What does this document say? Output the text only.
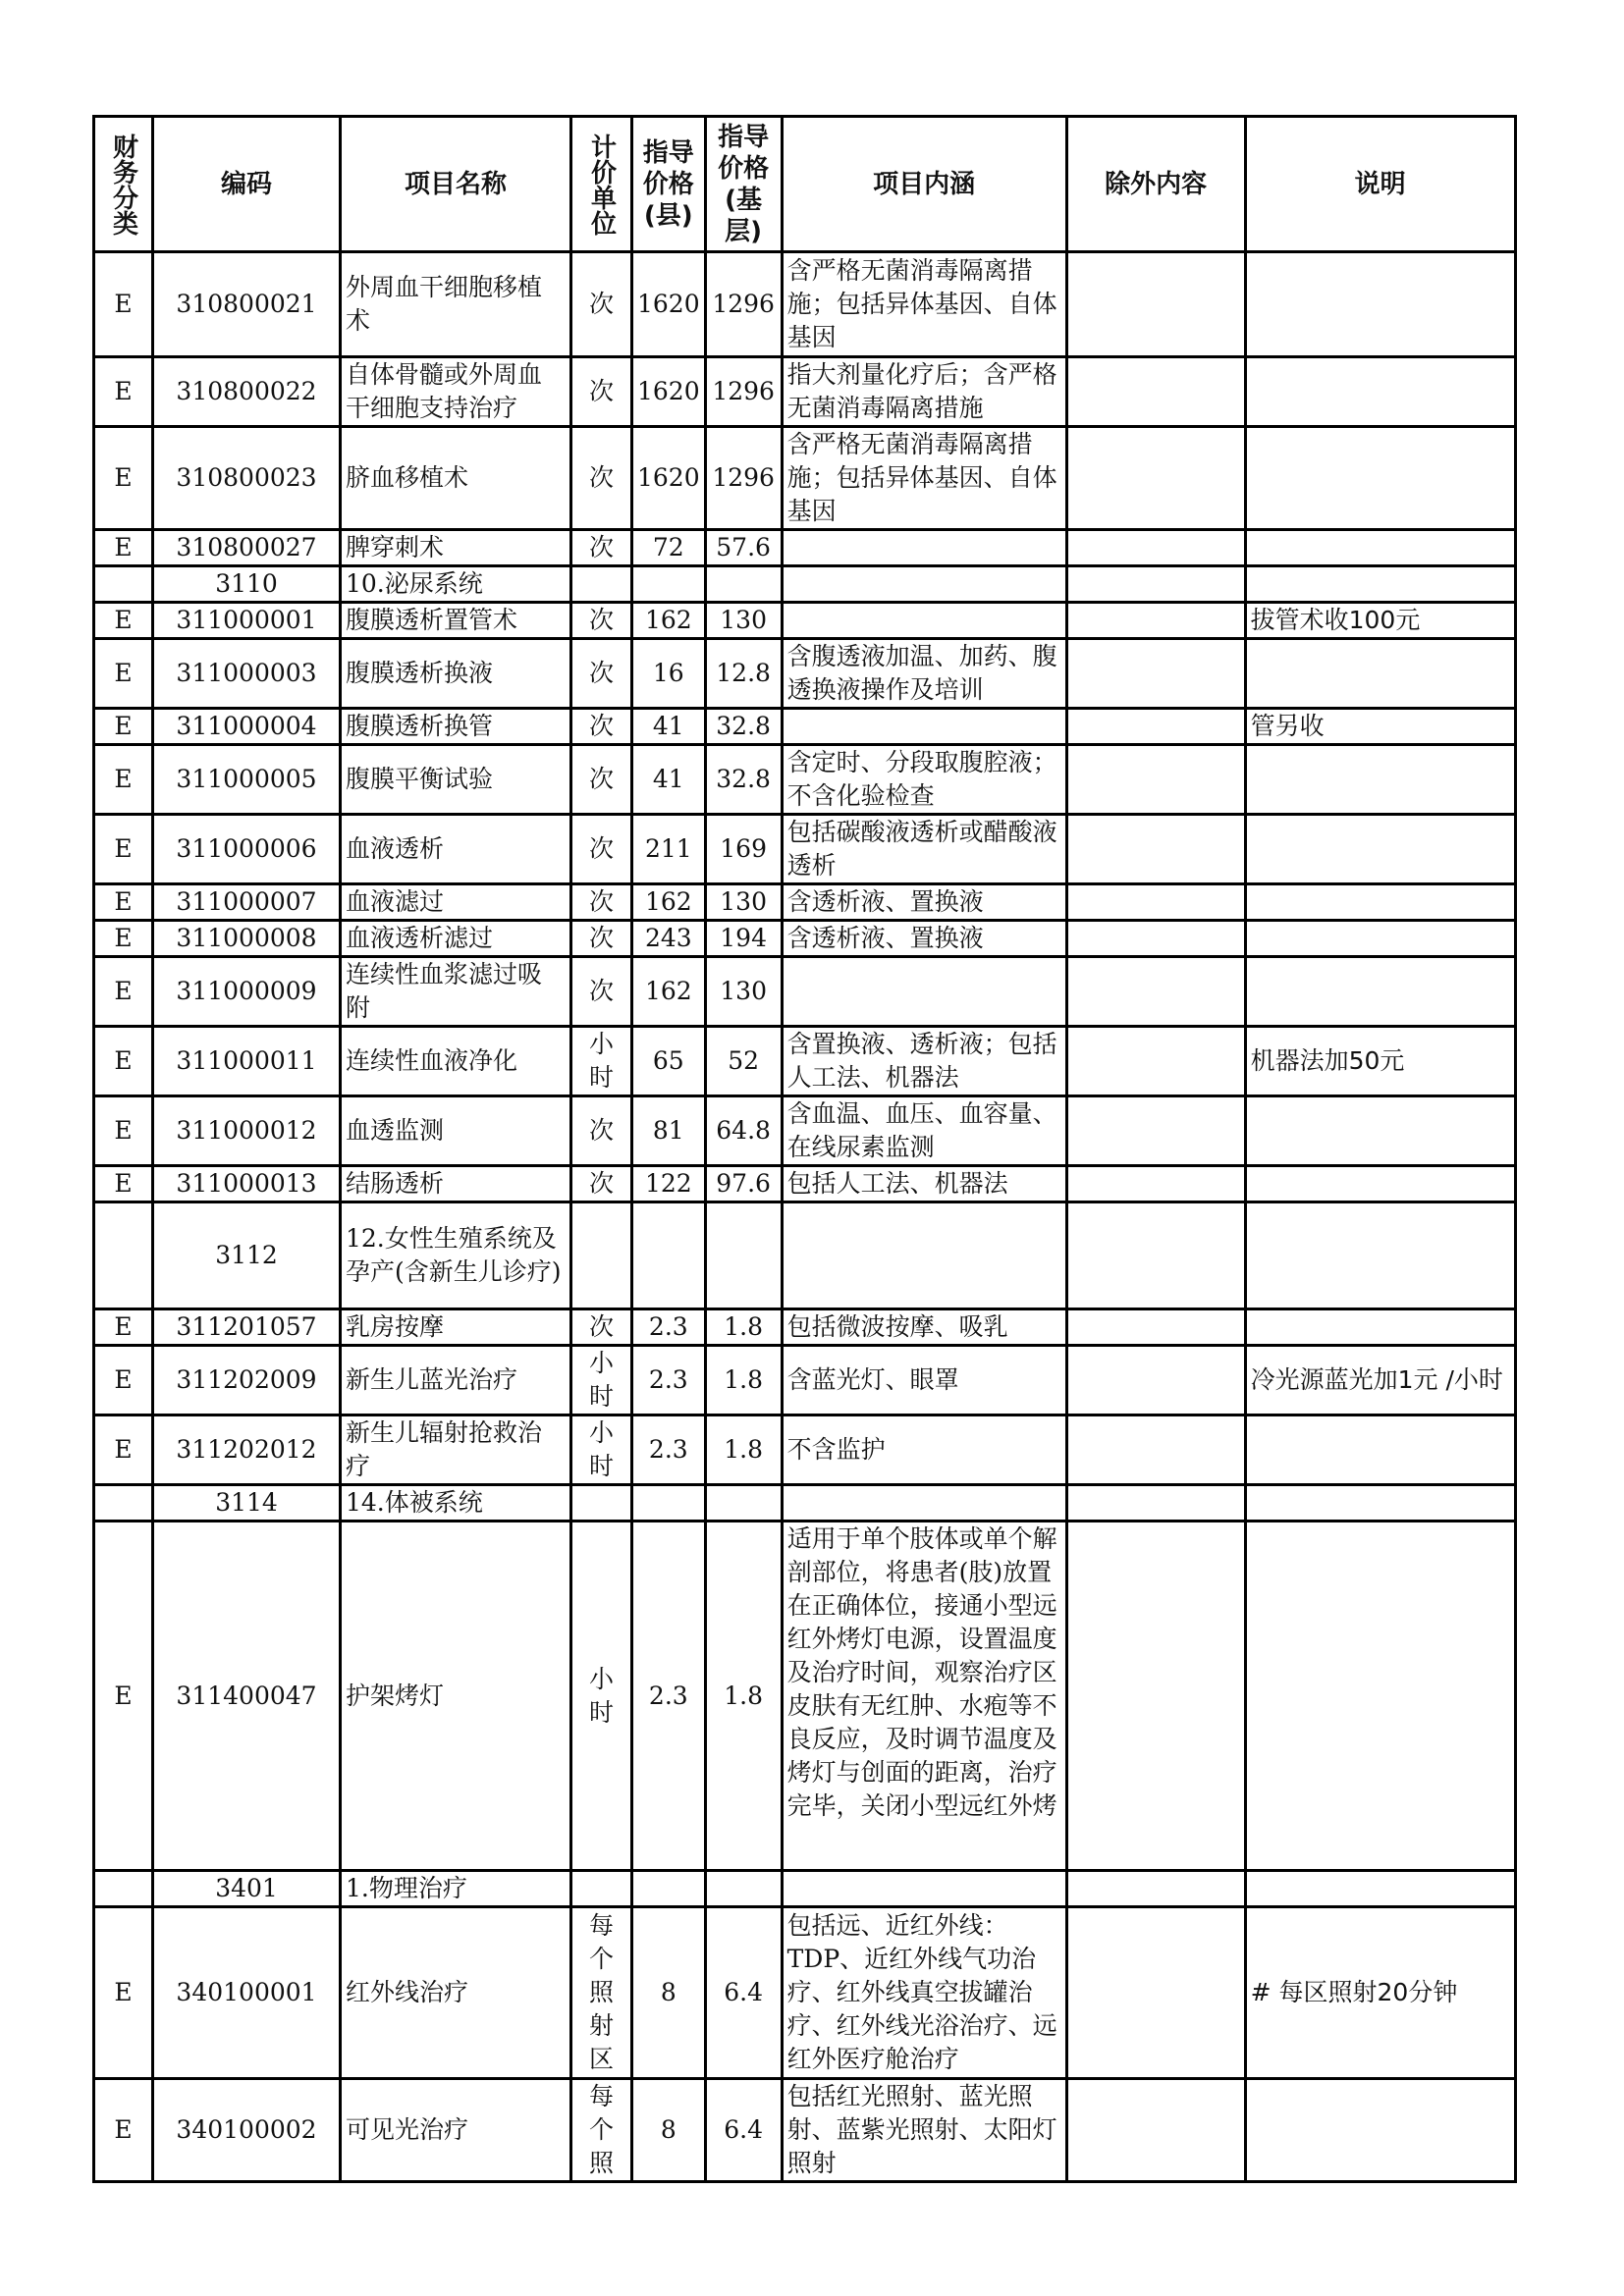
财务分类	编码	项目名称	计价单位	指导价格(县)	指导价格(基层)	项目内涵	除外内容	说明
E	310800021	外周血干细胞移植术	次	1620	1296	含严格无菌消毒隔离措施；包括异体基因、自体基因		
E	310800022	自体骨髓或外周血干细胞支持治疗	次	1620	1296	指大剂量化疗后；含严格无菌消毒隔离措施		
E	310800023	脐血移植术	次	1620	1296	含严格无菌消毒隔离措施；包括异体基因、自体基因		
E	310800027	脾穿刺术	次	72	57.6			
	3110	10.泌尿系统	

E	311000001	腹膜透析置管术	次	162	130			拔管术收100元
E	311000003	腹膜透析换液	次	16	12.8	含腹透液加温、加药、腹透换液操作及培训		
E	311000004	腹膜透析换管	次	41	32.8			管另收
E	311000005	腹膜平衡试验	次	41	32.8	含定时、分段取腹腔液；不含化验检查		
E	311000006	血液透析	次	211	169	包括碳酸液透析或醋酸液透析		
E	311000007	血液滤过	次	162	130	含透析液、置换液		
E	311000008	血液透析滤过	次	243	194	含透析液、置换液		
E	311000009	连续性血浆滤过吸附	次	162	130			
E	311000011	连续性血液净化	小时	65	52	含置换液、透析液；包括人工法、机器法		机器法加50元
E	311000012	血透监测	次	81	64.8	含血温、血压、血容量、在线尿素监测		
E	311000013	结肠透析	次	122	97.6	包括人工法、机器法		
	3112	12.女性生殖系统及孕产(含新生儿诊疗)	

E	311201057	乳房按摩	次	2.3	1.8	包括微波按摩、吸乳		
E	311202009	新生儿蓝光治疗	小时	2.3	1.8	含蓝光灯、眼罩		冷光源蓝光加1元 /小时
E	311202012	新生儿辐射抢救治疗	小时	2.3	1.8	不含监护		
	3114	14.体被系统	

E	311400047	护架烤灯	小时	2.3	1.8	适用于单个肢体或单个解剖部位，将患者(肢)放置在正确体位，接通小型远红外烤灯电源，设置温度及治疗时间，观察治疗区皮肤有无红肿、水疱等不良反应，及时调节温度及烤灯与创面的距离，治疗完毕，关闭小型远红外烤		
	3401	1.物理治疗	

E	340100001	红外线治疗	每个照射区	8	6.4	包括远、近红外线：TDP、近红外线气功治疗、红外线真空拔罐治疗、红外线光浴治疗、远红外医疗舱治疗		# 每区照射20分钟
E	340100002	可见光治疗	每个照	8	6.4	包括红光照射、蓝光照射、蓝紫光照射、太阳灯照射		
